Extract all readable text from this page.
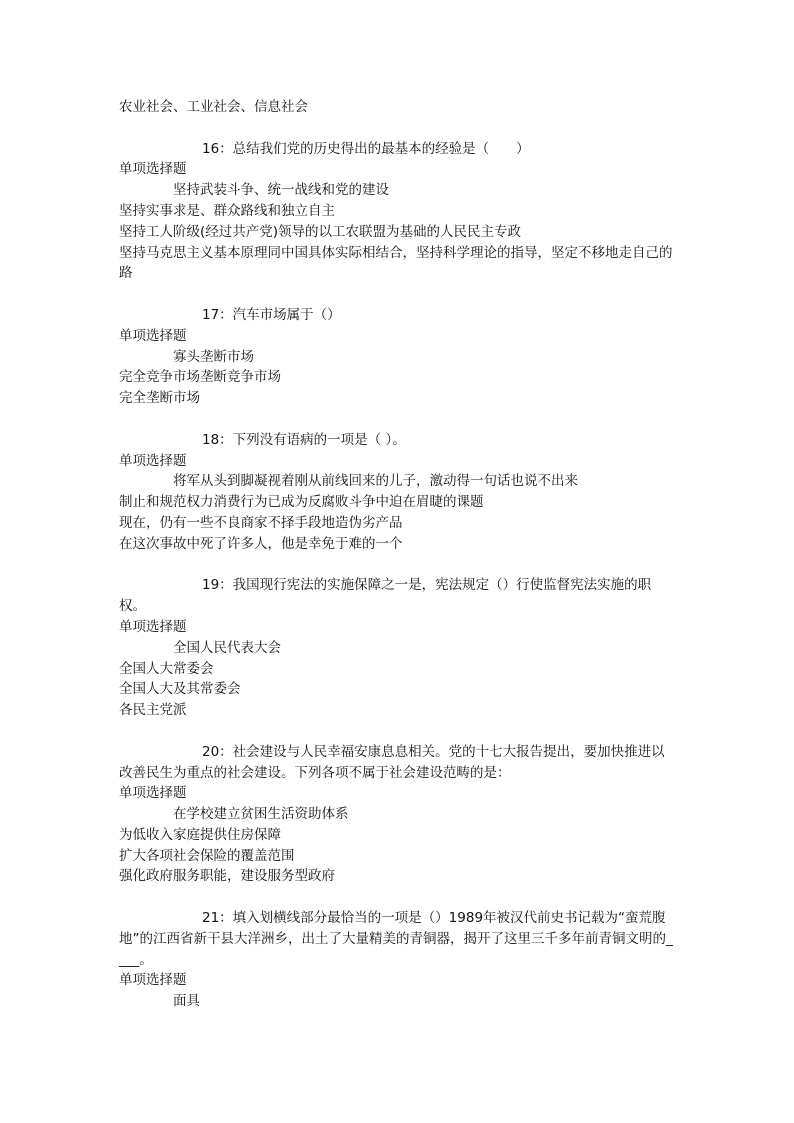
农业社会、工业社会、信息社会
16：总结我们党的历史得出的最基本的经验是（　　）
单项选择题
坚持武装斗争、统一战线和党的建设
坚持实事求是、群众路线和独立自主
坚持工人阶级(经过共产党)领导的以工农联盟为基础的人民民主专政
坚持马克思主义基本原理同中国具体实际相结合，坚持科学理论的指导，坚定不移地走自己的路
17：汽车市场属于（）
单项选择题
寡头垄断市场
完全竞争市场垄断竞争市场
完全垄断市场
18：下列没有语病的一项是（ ）。
单项选择题
将军从头到脚凝视着刚从前线回来的儿子，激动得一句话也说不出来
制止和规范权力消费行为已成为反腐败斗争中迫在眉睫的课题
现在，仍有一些不良商家不择手段地造伪劣产品
在这次事故中死了许多人，他是幸免于难的一个
19：我国现行宪法的实施保障之一是，宪法规定（）行使监督宪法实施的职权。
单项选择题
全国人民代表大会
全国人大常委会
全国人大及其常委会
各民主党派
20：社会建设与人民幸福安康息息相关。党的十七大报告提出，要加快推进以改善民生为重点的社会建设。下列各项不属于社会建设范畴的是：
单项选择题
在学校建立贫困生活资助体系
为低收入家庭提供住房保障
扩大各项社会保险的覆盖范围
强化政府服务职能，建设服务型政府
21：填入划横线部分最恰当的一项是（）1989年被汉代前史书记载为“蛮荒腹地”的江西省新干县大洋洲乡，出土了大量精美的青铜器，揭开了这里三千多年前青铜文明的____。
单项选择题
面具
